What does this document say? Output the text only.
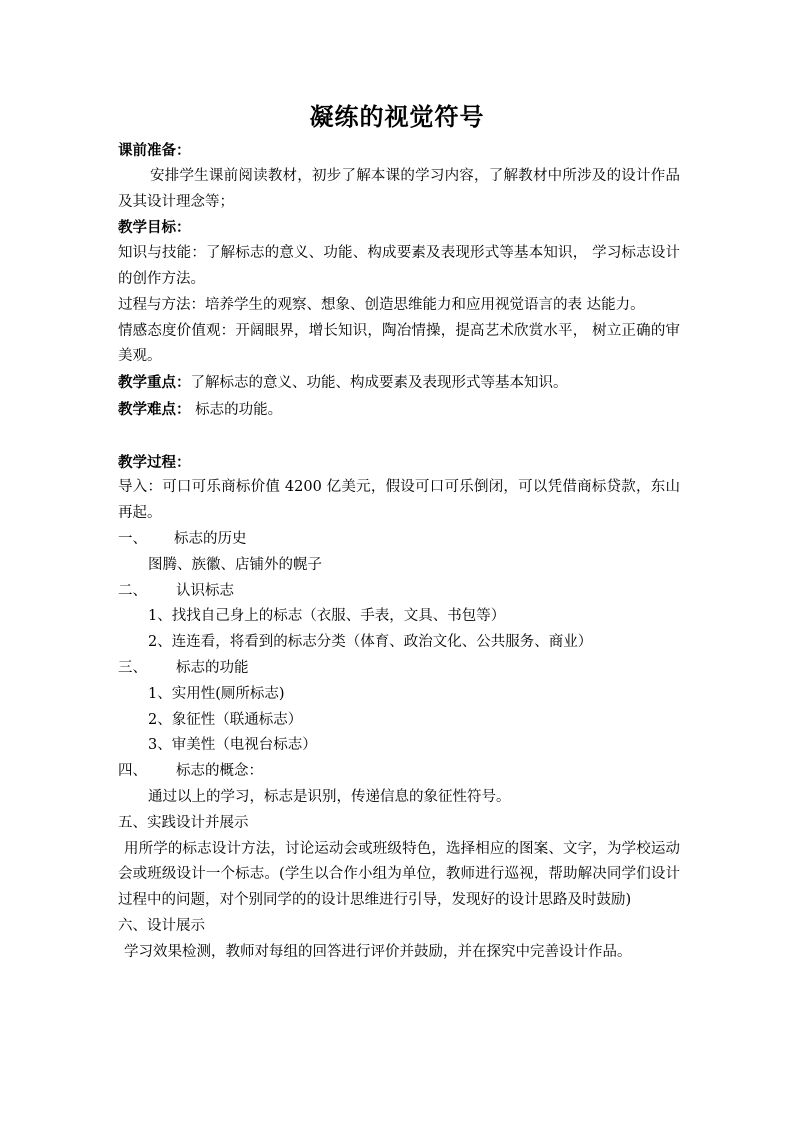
凝练的视觉符号

课前准备：

安排学生课前阅读教材，初步了解本课的学习内容，了解教材中所涉及的设计作品及其设计理念等；

教学目标：

知识与技能：了解标志的意义、功能、构成要素及表现形式等基本知识， 学习标志设计的创作方法。

过程与方法：培养学生的观察、想象、创造思维能力和应用视觉语言的表 达能力。

情感态度价值观：开阔眼界，增长知识，陶冶情操，提高艺术欣赏水平， 树立正确的审美观。

教学重点：了解标志的意义、功能、构成要素及表现形式等基本知识。

教学难点： 标志的功能。

教学过程：

导入：可口可乐商标价值 4200 亿美元，假设可口可乐倒闭，可以凭借商标贷款，东山再起。

一、 标志的历史

图腾、族徽、店铺外的幌子

二、 认识标志

1、找找自己身上的标志（衣服、手表，文具、书包等）

2、连连看，将看到的标志分类（体育、政治文化、公共服务、商业）

三、 标志的功能

1、实用性(厕所标志)

2、象征性（联通标志）

3、审美性（电视台标志）

四、 标志的概念：

通过以上的学习，标志是识别，传递信息的象征性符号。

五、实践设计并展示

用所学的标志设计方法，讨论运动会或班级特色，选择相应的图案、文字，为学校运动会或班级设计一个标志。(学生以合作小组为单位，教师进行巡视，帮助解决同学们设计过程中的问题，对个别同学的的设计思维进行引导，发现好的设计思路及时鼓励)

六、设计展示

学习效果检测，教师对每组的回答进行评价并鼓励，并在探究中完善设计作品。
